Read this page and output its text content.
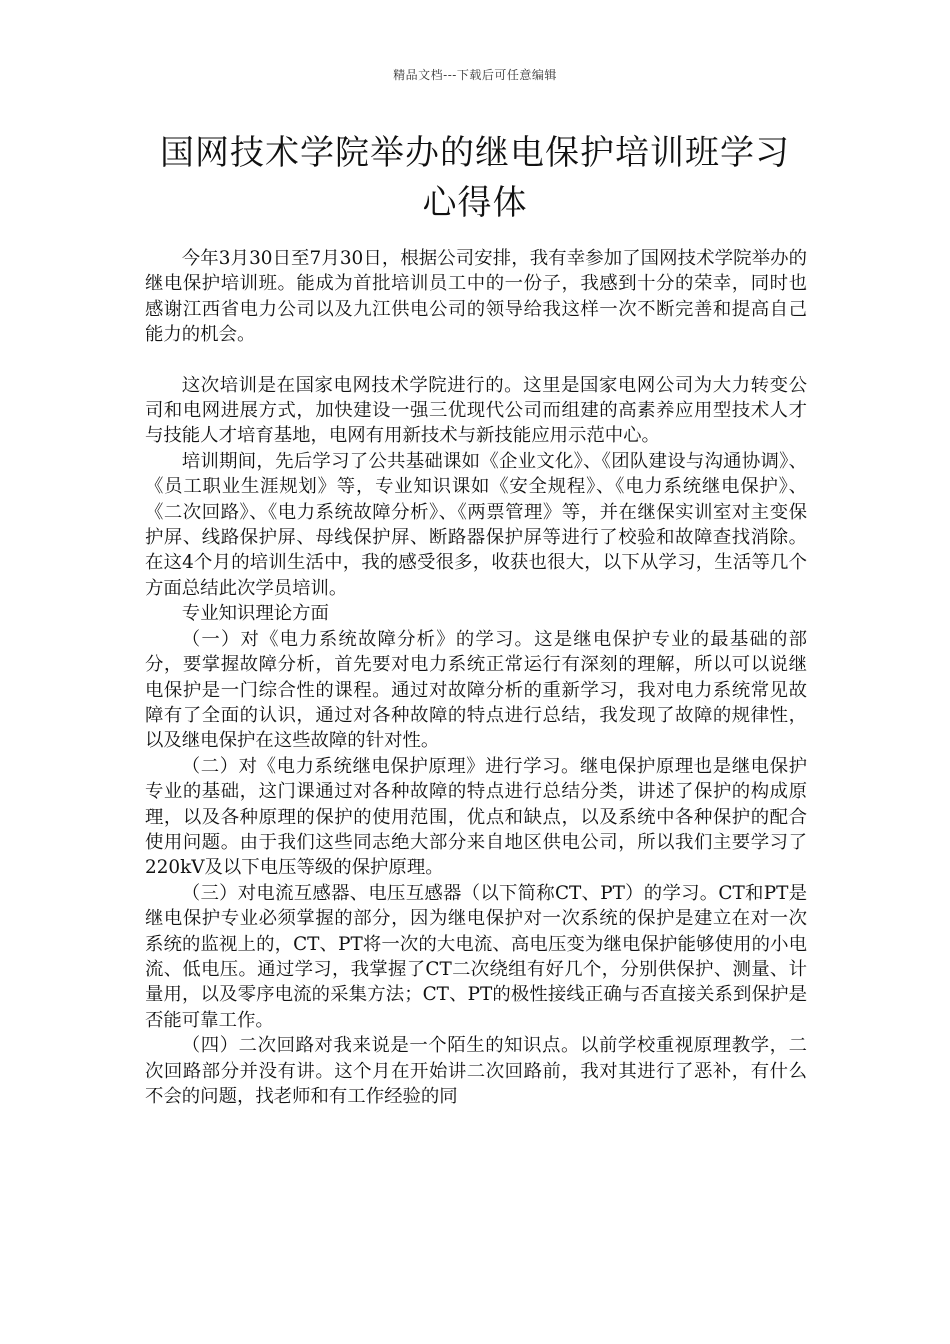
精品文档---下载后可任意编辑
国网技术学院举办的继电保护培训班学习心得体

今年3月30日至7月30日，根据公司安排，我有幸参加了国网技术学院举办的继电保护培训班。能成为首批培训员工中的一份子，我感到十分的荣幸，同时也感谢江西省电力公司以及九江供电公司的领导给我这样一次不断完善和提高自己能力的机会。

这次培训是在国家电网技术学院进行的。这里是国家电网公司为大力转变公司和电网进展方式，加快建设一强三优现代公司而组建的高素养应用型技术人才与技能人才培育基地，电网有用新技术与新技能应用示范中心。

培训期间，先后学习了公共基础课如《企业文化》、《团队建设与沟通协调》、《员工职业生涯规划》等，专业知识课如《安全规程》、《电力系统继电保护》、《二次回路》、《电力系统故障分析》、《两票管理》等，并在继保实训室对主变保护屏、线路保护屏、母线保护屏、断路器保护屏等进行了校验和故障查找消除。在这4个月的培训生活中，我的感受很多，收获也很大，以下从学习，生活等几个方面总结此次学员培训。

专业知识理论方面

（一）对《电力系统故障分析》的学习。这是继电保护专业的最基础的部分，要掌握故障分析，首先要对电力系统正常运行有深刻的理解，所以可以说继电保护是一门综合性的课程。通过对故障分析的重新学习，我对电力系统常见故障有了全面的认识，通过对各种故障的特点进行总结，我发现了故障的规律性，以及继电保护在这些故障的针对性。

（二）对《电力系统继电保护原理》进行学习。继电保护原理也是继电保护专业的基础，这门课通过对各种故障的特点进行总结分类，讲述了保护的构成原理，以及各种原理的保护的使用范围，优点和缺点，以及系统中各种保护的配合使用问题。由于我们这些同志绝大部分来自地区供电公司，所以我们主要学习了220kV及以下电压等级的保护原理。

（三）对电流互感器、电压互感器（以下简称CT、PT）的学习。CT和PT是继电保护专业必须掌握的部分，因为继电保护对一次系统的保护是建立在对一次系统的监视上的，CT、PT将一次的大电流、高电压变为继电保护能够使用的小电流、低电压。通过学习，我掌握了CT二次绕组有好几个，分别供保护、测量、计量用，以及零序电流的采集方法；CT、PT的极性接线正确与否直接关系到保护是否能可靠工作。

（四）二次回路对我来说是一个陌生的知识点。以前学校重视原理教学，二次回路部分并没有讲。这个月在开始讲二次回路前，我对其进行了恶补，有什么不会的问题，找老师和有工作经验的同
